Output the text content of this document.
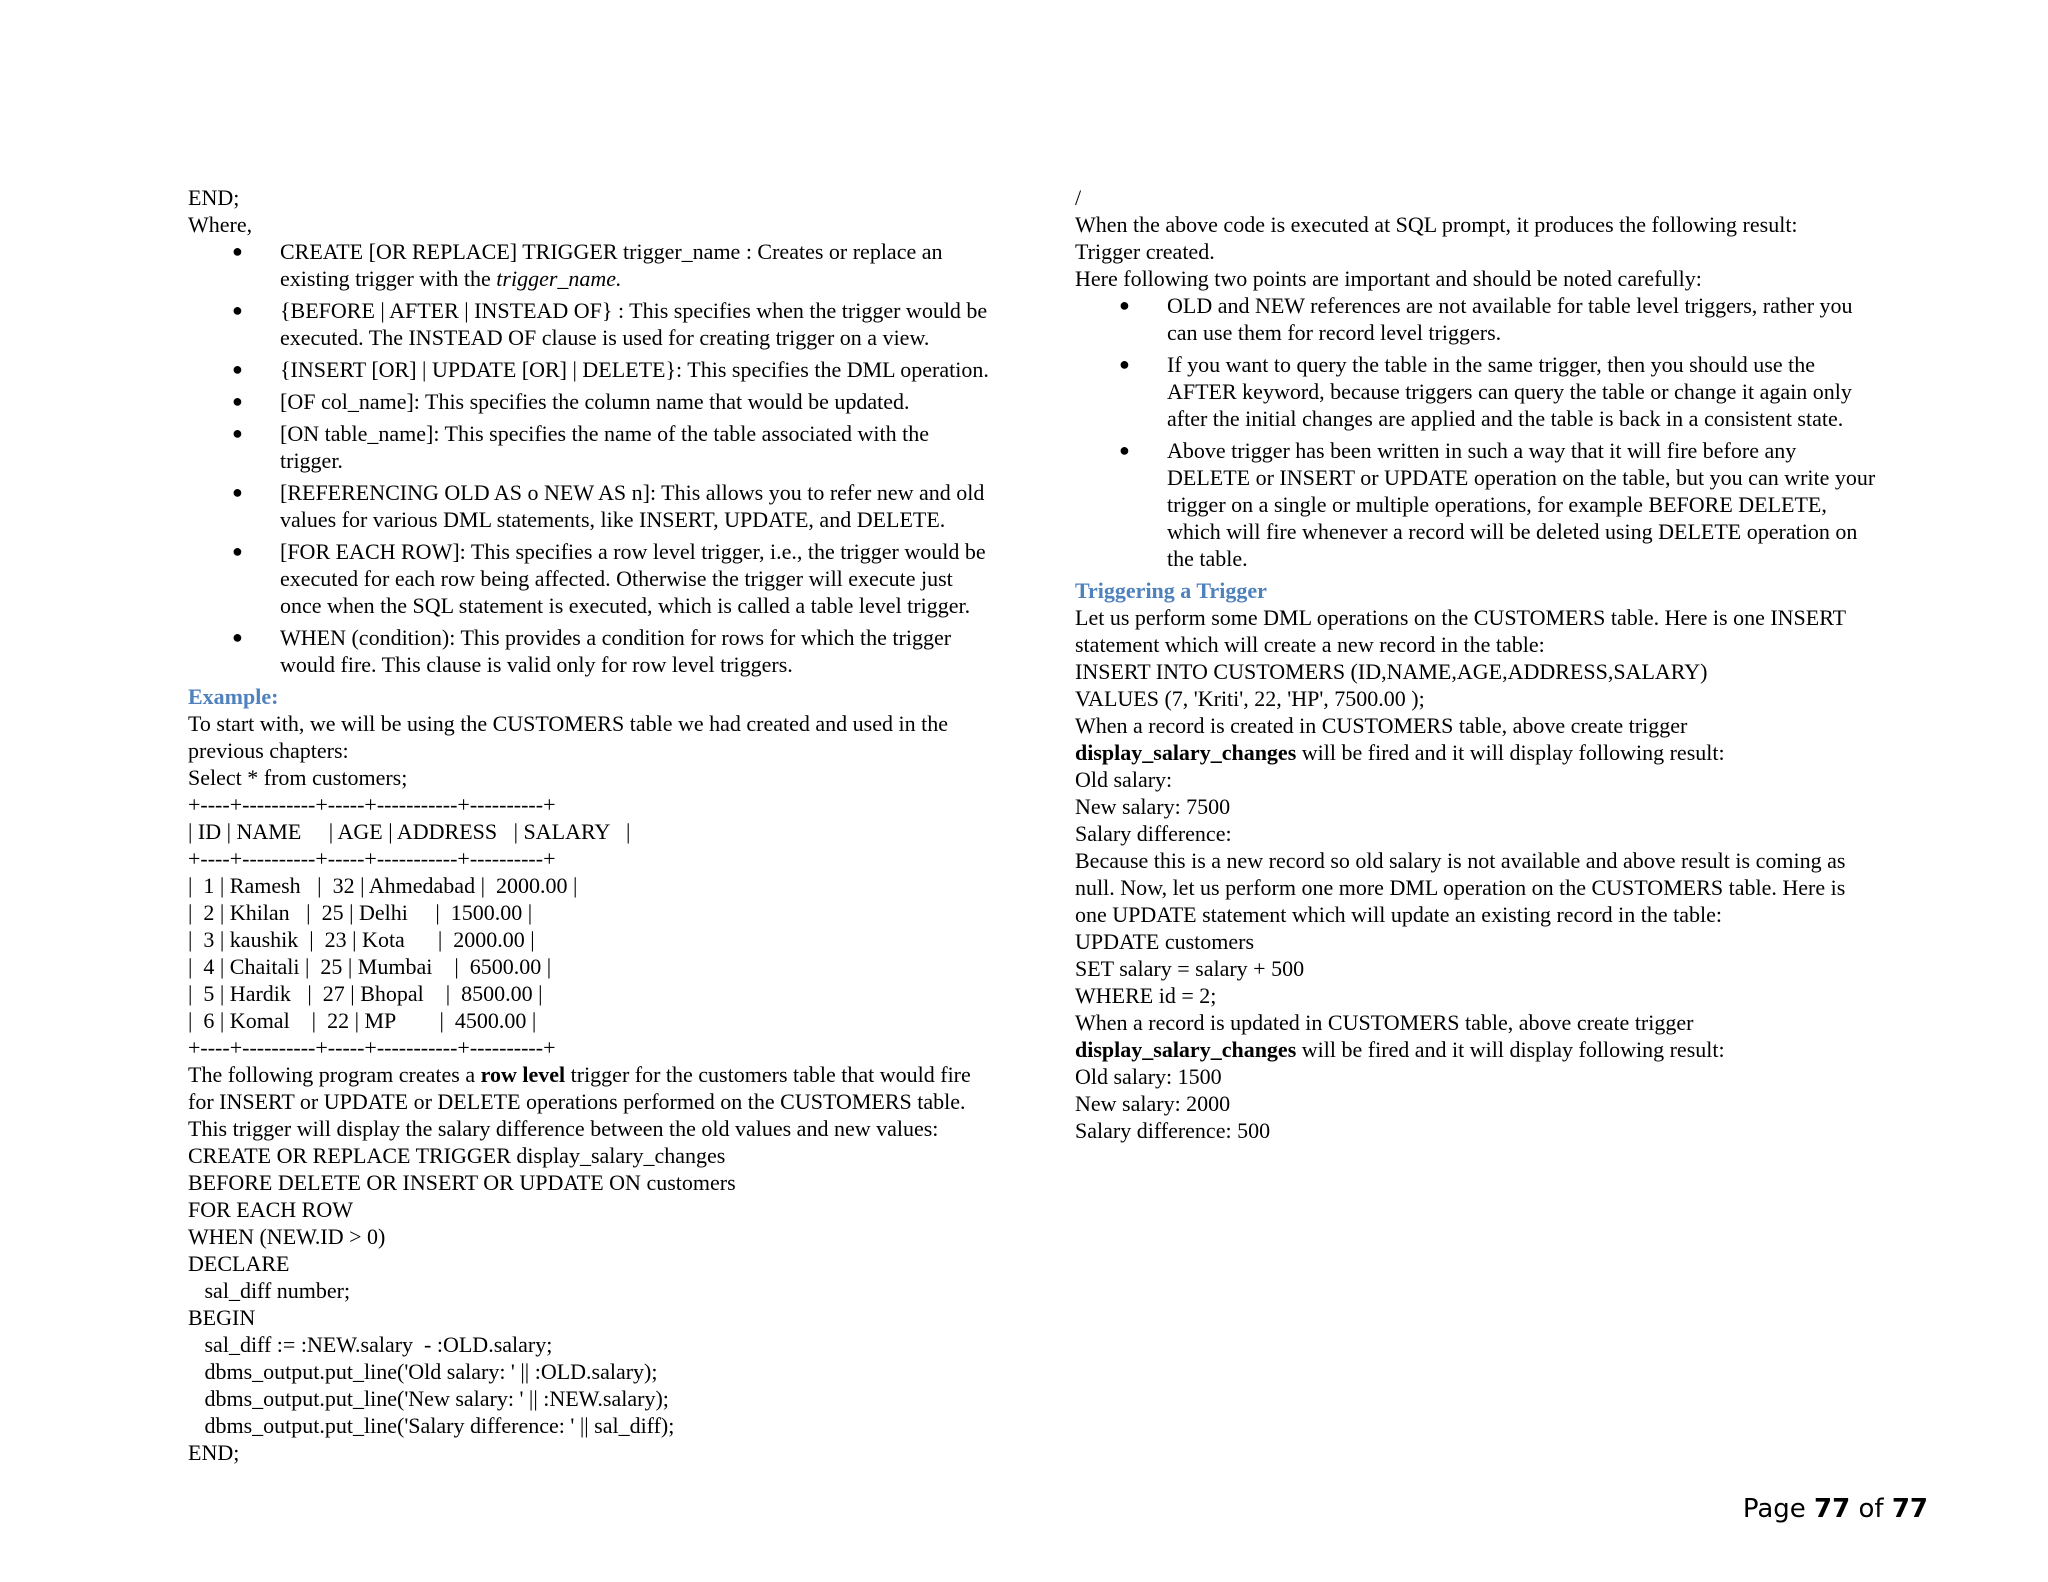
END;
Where,
● CREATE [OR REPLACE] TRIGGER trigger_name : Creates or replace an
existing trigger with the trigger_name.
● {BEFORE | AFTER | INSTEAD OF} : This specifies when the trigger would be
executed. The INSTEAD OF clause is used for creating trigger on a view.
● {INSERT [OR] | UPDATE [OR] | DELETE}: This specifies the DML operation.
● [OF col_name]: This specifies the column name that would be updated.
● [ON table_name]: This specifies the name of the table associated with the
trigger.
● [REFERENCING OLD AS o NEW AS n]: This allows you to refer new and old
values for various DML statements, like INSERT, UPDATE, and DELETE.
● [FOR EACH ROW]: This specifies a row level trigger, i.e., the trigger would be
executed for each row being affected. Otherwise the trigger will execute just
once when the SQL statement is executed, which is called a table level trigger.
● WHEN (condition): This provides a condition for rows for which the trigger
would fire. This clause is valid only for row level triggers.
Example:
To start with, we will be using the CUSTOMERS table we had created and used in the
previous chapters:
Select * from customers;
+----+----------+-----+-----------+----------+
| ID | NAME     | AGE | ADDRESS   | SALARY   |
+----+----------+-----+-----------+----------+
|  1 | Ramesh   |  32 | Ahmedabad |  2000.00 |
|  2 | Khilan   |  25 | Delhi     |  1500.00 |
|  3 | kaushik  |  23 | Kota      |  2000.00 |
|  4 | Chaitali |  25 | Mumbai    |  6500.00 |
|  5 | Hardik   |  27 | Bhopal    |  8500.00 |
|  6 | Komal    |  22 | MP        |  4500.00 |
+----+----------+-----+-----------+----------+
The following program creates a row level trigger for the customers table that would fire
for INSERT or UPDATE or DELETE operations performed on the CUSTOMERS table.
This trigger will display the salary difference between the old values and new values:
CREATE OR REPLACE TRIGGER display_salary_changes
BEFORE DELETE OR INSERT OR UPDATE ON customers
FOR EACH ROW
WHEN (NEW.ID > 0)
DECLARE
sal_diff number;
BEGIN
sal_diff := :NEW.salary  - :OLD.salary;
dbms_output.put_line('Old salary: ' || :OLD.salary);
dbms_output.put_line('New salary: ' || :NEW.salary);
dbms_output.put_line('Salary difference: ' || sal_diff);
END;
/
When the above code is executed at SQL prompt, it produces the following result:
Trigger created.
Here following two points are important and should be noted carefully:
● OLD and NEW references are not available for table level triggers, rather you
can use them for record level triggers.
● If you want to query the table in the same trigger, then you should use the
AFTER keyword, because triggers can query the table or change it again only
after the initial changes are applied and the table is back in a consistent state.
● Above trigger has been written in such a way that it will fire before any
DELETE or INSERT or UPDATE operation on the table, but you can write your
trigger on a single or multiple operations, for example BEFORE DELETE,
which will fire whenever a record will be deleted using DELETE operation on
the table.
Triggering a Trigger
Let us perform some DML operations on the CUSTOMERS table. Here is one INSERT
statement which will create a new record in the table:
INSERT INTO CUSTOMERS (ID,NAME,AGE,ADDRESS,SALARY)
VALUES (7, 'Kriti', 22, 'HP', 7500.00 );
When a record is created in CUSTOMERS table, above create trigger
display_salary_changes will be fired and it will display following result:
Old salary:
New salary: 7500
Salary difference:
Because this is a new record so old salary is not available and above result is coming as
null. Now, let us perform one more DML operation on the CUSTOMERS table. Here is
one UPDATE statement which will update an existing record in the table:
UPDATE customers
SET salary = salary + 500
WHERE id = 2;
When a record is updated in CUSTOMERS table, above create trigger
display_salary_changes will be fired and it will display following result:
Old salary: 1500
New salary: 2000
Salary difference: 500
Page 77 of 77
